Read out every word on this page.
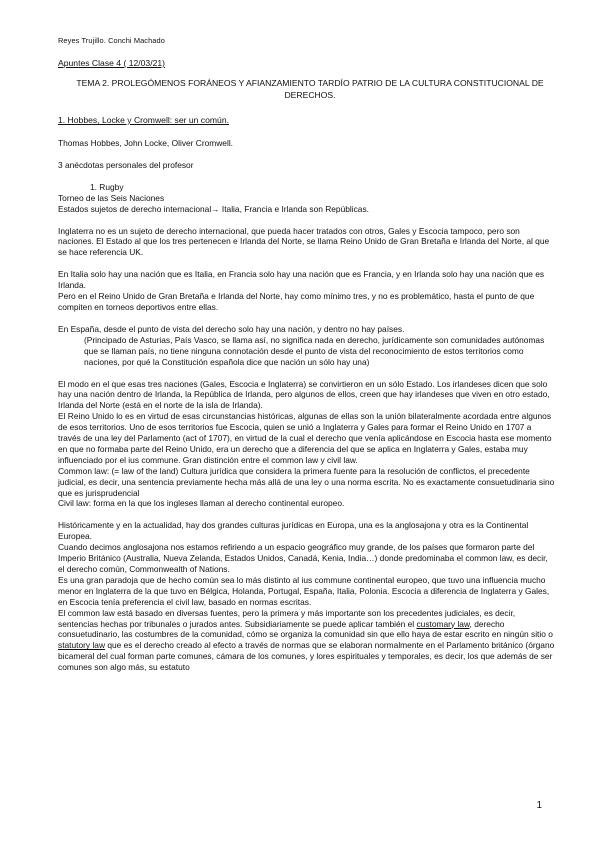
Reyes Trujillo. Conchi Machado
Apuntes Clase 4 ( 12/03/21)
TEMA 2. PROLEGÓMENOS FORÁNEOS Y AFIANZAMIENTO TARDÍO PATRIO DE LA CULTURA CONSTITUCIONAL DE DERECHOS.
1. Hobbes, Locke y Cromwell: ser un común.

Thomas Hobbes, John Locke, Oliver Cromwell.

3 anécdotas personales del profesor

1. Rugby

Torneo de las Seis Naciones

Estados sujetos de derecho internacional→ Italia, Francia e Irlanda son Repúblicas.

Inglaterra no es un sujeto de derecho internacional, que pueda hacer tratados con otros, Gales y Escocia tampoco, pero son naciones. El Estado al que los tres pertenecen e Irlanda del Norte, se llama Reino Unido de Gran Bretaña e Irlanda del Norte, al que se hace referencia UK.

En Italia solo hay una nación que es Italia, en Francia solo hay una nación que es Francia, y en Irlanda solo hay una nación que es Irlanda.

Pero en el Reino Unido de Gran Bretaña e Irlanda del Norte, hay como mínimo tres, y no es problemático, hasta el punto de que compiten en torneos deportivos entre ellas.

En España, desde el punto de vista del derecho solo hay una nación, y dentro no hay países.

(Principado de Asturias, País Vasco, se llama así, no significa nada en derecho, jurídicamente son comunidades autónomas que se llaman país, no tiene ninguna connotación desde el punto de vista del reconocimiento de estos territorios como naciones, por qué la Constitución española dice que nación un sólo hay una)

El modo en el que esas tres naciones (Gales, Escocia e Inglaterra) se convirtieron en un sólo Estado. Los irlandeses dicen que solo hay una nación dentro de Irlanda, la República de Irlanda, pero algunos de ellos, creen que hay irlandeses que viven en otro estado, Irlanda del Norte (está en el norte de la isla de Irlanda).

El Reino Unido lo es en virtud de esas circunstancias históricas, algunas de ellas son la unión bilateralmente acordada entre algunos de esos territorios. Uno de esos territorios fue Escocia, quien se unió a Inglaterra y Gales para formar el Reino Unido en 1707 a través de una ley del Parlamento (act of 1707), en virtud de la cual el derecho que venía aplicándose en Escocia hasta ese momento en que no formaba parte del Reino Unido, era un derecho que a diferencia del que se aplica en Inglaterra y Gales, estaba muy influenciado por el ius commune. Gran distinción entre el common law y civil law.

Common law: (= law of the land) Cultura jurídica que considera la primera fuente para la resolución de conflictos, el precedente judicial, es decir, una sentencia previamente hecha más allá de una ley o una norma escrita. No es exactamente consuetudinaria sino que es jurisprudencial

Civil law: forma en la que los ingleses llaman al derecho continental europeo.

Históricamente y en la actualidad, hay dos grandes culturas jurídicas en Europa, una es la anglosajona y otra es la Continental Europea.

Cuando decimos anglosajona nos estamos refiriendo a un espacio geográfico muy grande, de los países que formaron parte del Imperio Británico (Australia, Nueva Zelanda, Estados Unidos, Canadá, Kenia, India…) donde predominaba el common law, es decir, el derecho común, Commonwealth of Nations.

Es una gran paradoja que de hecho común sea lo más distinto al ius commune continental europeo, que tuvo una influencia mucho menor en Inglaterra de la que tuvo en Bélgica, Holanda, Portugal, España, Italia, Polonia. Escocia a diferencia de Inglaterra y Gales, en Escocia tenía preferencia el civil law, basado en normas escritas.

El common law está basado en diversas fuentes, pero la primera y más importante son los precedentes judiciales, es decir, sentencias hechas por tribunales o jurados antes. Subsidiariamente se puede aplicar también el customary law, derecho consuetudinario, las costumbres de la comunidad, cómo se organiza la comunidad sin que ello haya de estar escrito en ningún sitio o statutory law que es el derecho creado al efecto a través de normas que se elaboran normalmente en el Parlamento británico (órgano bicameral del cual forman parte comunes, cámara de los comunes, y lores espirituales y temporales, es decir, los que además de ser comunes son algo más, su estatuto

1
